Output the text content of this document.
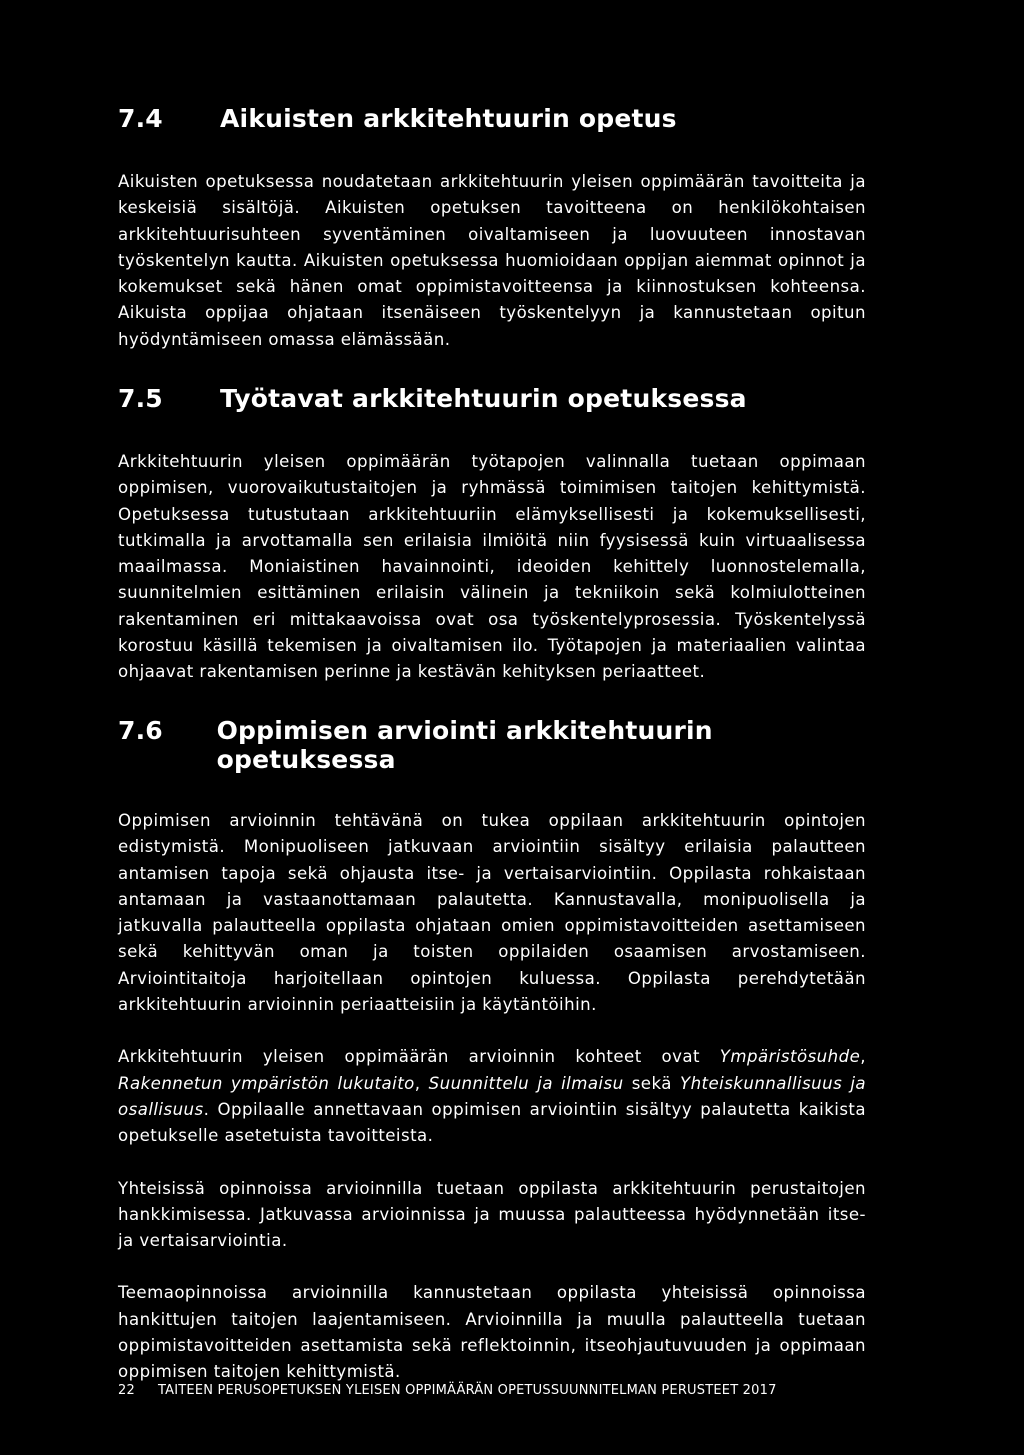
7.4	Aikuisten arkkitehtuurin opetus

Aikuisten opetuksessa noudatetaan arkkitehtuurin yleisen oppimäärän tavoitteita ja keskeisiä sisältöjä. Aikuisten opetuksen tavoitteena on henkilökohtaisen arkkitehtuurisuhteen syventäminen oivaltamiseen ja luovuuteen innostavan työskentelyn kautta. Aikuisten opetuksessa huomioidaan oppijan aiemmat opinnot ja kokemukset sekä hänen omat oppimistavoitteensa ja kiinnostuksen kohteensa. Aikuista oppijaa ohjataan itsenäiseen työskentelyyn ja kannustetaan opitun hyödyntämiseen omassa elämässään.

7.5	Työtavat arkkitehtuurin opetuksessa

Arkkitehtuurin yleisen oppimäärän työtapojen valinnalla tuetaan oppimaan oppimisen, vuorovaikutustaitojen ja ryhmässä toimimisen taitojen kehittymistä. Opetuksessa tutustutaan arkkitehtuuriin elämyksellisesti ja kokemuksellisesti, tutkimalla ja arvottamalla sen erilaisia ilmiöitä niin fyysisessä kuin virtuaalisessa maailmassa. Moniaistinen havainnointi, ideoiden kehittely luonnostelemalla, suunnitelmien esittäminen erilaisin välinein ja tekniikoin sekä kolmiulotteinen rakentaminen eri mittakaavoissa ovat osa työskentelyprosessia. Työskentelyssä korostuu käsillä tekemisen ja oivaltamisen ilo. Työtapojen ja materiaalien valintaa ohjaavat rakentamisen perinne ja kestävän kehityksen periaatteet.

7.6	Oppimisen arviointi arkkitehtuurin opetuksessa

Oppimisen arvioinnin tehtävänä on tukea oppilaan arkkitehtuurin opintojen edistymistä. Monipuoliseen jatkuvaan arviointiin sisältyy erilaisia palautteen antamisen tapoja sekä ohjausta itse- ja vertaisarviointiin. Oppilasta rohkaistaan antamaan ja vastaanottamaan palautetta. Kannustavalla, monipuolisella ja jatkuvalla palautteella oppilasta ohjataan omien oppimistavoitteiden asettamiseen sekä kehittyvän oman ja toisten oppilaiden osaamisen arvostamiseen. Arviointitaitoja harjoitellaan opintojen kuluessa. Oppilasta perehdytetään arkkitehtuurin arvioinnin periaatteisiin ja käytäntöihin.

Arkkitehtuurin yleisen oppimäärän arvioinnin kohteet ovat Ympäristösuhde, Rakennetun ympäristön lukutaito, Suunnittelu ja ilmaisu sekä Yhteiskunnallisuus ja osallisuus. Oppilaalle annettavaan oppimisen arviointiin sisältyy palautetta kaikista opetukselle asetetuista tavoitteista.

Yhteisissä opinnoissa arvioinnilla tuetaan oppilasta arkkitehtuurin perustaitojen hankkimisessa. Jatkuvassa arvioinnissa ja muussa palautteessa hyödynnetään itse- ja vertaisarviointia.

Teemaopinnoissa arvioinnilla kannustetaan oppilasta yhteisissä opinnoissa hankittujen taitojen laajentamiseen. Arvioinnilla ja muulla palautteella tuetaan oppimistavoitteiden asettamista sekä reflektoinnin, itseohjautuvuuden ja oppimaan oppimisen taitojen kehittymistä.

22	TAITEEN PERUSOPETUKSEN YLEISEN OPPIMÄÄRÄN OPETUSSUUNNITELMAN PERUSTEET 2017
